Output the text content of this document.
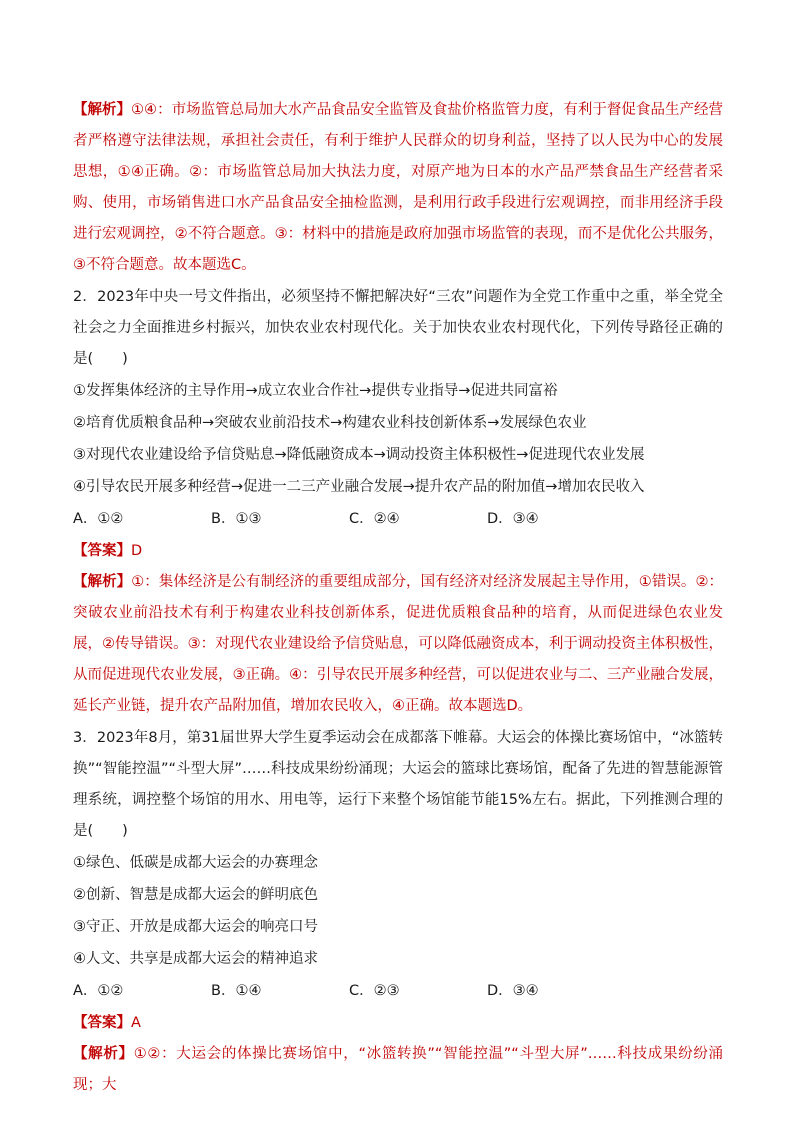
【解析】①④：市场监管总局加大水产品食品安全监管及食盐价格监管力度，有利于督促食品生产经营者严格遵守法律法规，承担社会责任，有利于维护人民群众的切身利益，坚持了以人民为中心的发展思想，①④正确。②：市场监管总局加大执法力度，对原产地为日本的水产品严禁食品生产经营者采购、使用，市场销售进口水产品食品安全抽检监测，是利用行政手段进行宏观调控，而非用经济手段进行宏观调控，②不符合题意。③：材料中的措施是政府加强市场监管的表现，而不是优化公共服务，③不符合题意。故本题选C。

2．2023年中央一号文件指出，必须坚持不懈把解决好“三农”问题作为全党工作重中之重，举全党全社会之力全面推进乡村振兴，加快农业农村现代化。关于加快农业农村现代化，下列传导路径正确的是(　　)

①发挥集体经济的主导作用→成立农业合作社→提供专业指导→促进共同富裕

②培育优质粮食品种→突破农业前沿技术→构建农业科技创新体系→发展绿色农业

③对现代农业建设给予信贷贴息→降低融资成本→调动投资主体积极性→促进现代农业发展

④引导农民开展多种经营→促进一二三产业融合发展→提升农产品的附加值→增加农民收入

A．①②	B．①③	C．②④	D．③④

【答案】D

【解析】①：集体经济是公有制经济的重要组成部分，国有经济对经济发展起主导作用，①错误。②：突破农业前沿技术有利于构建农业科技创新体系，促进优质粮食品种的培育，从而促进绿色农业发展，②传导错误。③：对现代农业建设给予信贷贴息，可以降低融资成本，利于调动投资主体积极性，从而促进现代农业发展，③正确。④：引导农民开展多种经营，可以促进农业与二、三产业融合发展，延长产业链，提升农产品附加值，增加农民收入，④正确。故本题选D。

3．2023年8月，第31届世界大学生夏季运动会在成都落下帷幕。大运会的体操比赛场馆中，“冰篮转换”“智能控温”“斗型大屏”……科技成果纷纷涌现；大运会的篮球比赛场馆，配备了先进的智慧能源管理系统，调控整个场馆的用水、用电等，运行下来整个场馆能节能15%左右。据此，下列推测合理的是(　　)

①绿色、低碳是成都大运会的办赛理念

②创新、智慧是成都大运会的鲜明底色

③守正、开放是成都大运会的响亮口号

④人文、共享是成都大运会的精神追求

A．①②	B．①④	C．②③	D．③④

【答案】A

【解析】①②：大运会的体操比赛场馆中，“冰篮转换”“智能控温”“斗型大屏”……科技成果纷纷涌现；大
